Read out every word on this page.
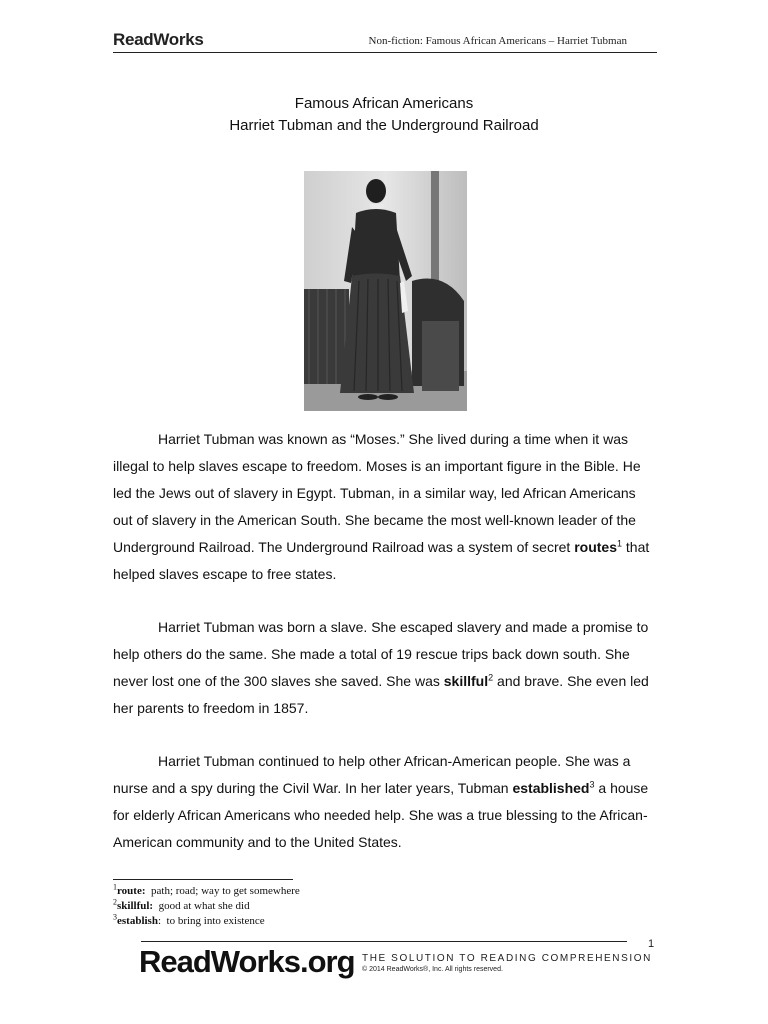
ReadWorks	Non-fiction: Famous African Americans – Harriet Tubman
Famous African Americans
Harriet Tubman and the Underground Railroad

Harriet Tubman was known as “Moses.” She lived during a time when it was illegal to help slaves escape to freedom. Moses is an important figure in the Bible. He led the Jews out of slavery in Egypt. Tubman, in a similar way, led African Americans out of slavery in the American South. She became the most well-known leader of the Underground Railroad. The Underground Railroad was a system of secret routes$^1$ that helped slaves escape to free states.

Harriet Tubman was born a slave. She escaped slavery and made a promise to help others do the same. She made a total of 19 rescue trips back down south. She never lost one of the 300 slaves she saved. She was skillful$^2$ and brave. She even led her parents to freedom in 1857.

Harriet Tubman continued to help other African-American people. She was a nurse and a spy during the Civil War. In her later years, Tubman established$^3$ a house for elderly African Americans who needed help. She was a true blessing to the African-American community and to the United States.

$^1$route:  path; road; way to get somewhere
$^2$skillful:  good at what she did
$^3$establish:  to bring into existence
1
ReadWorks.org THE SOLUTION TO READING COMPREHENSION
© 2014 ReadWorks®, Inc. All rights reserved.
